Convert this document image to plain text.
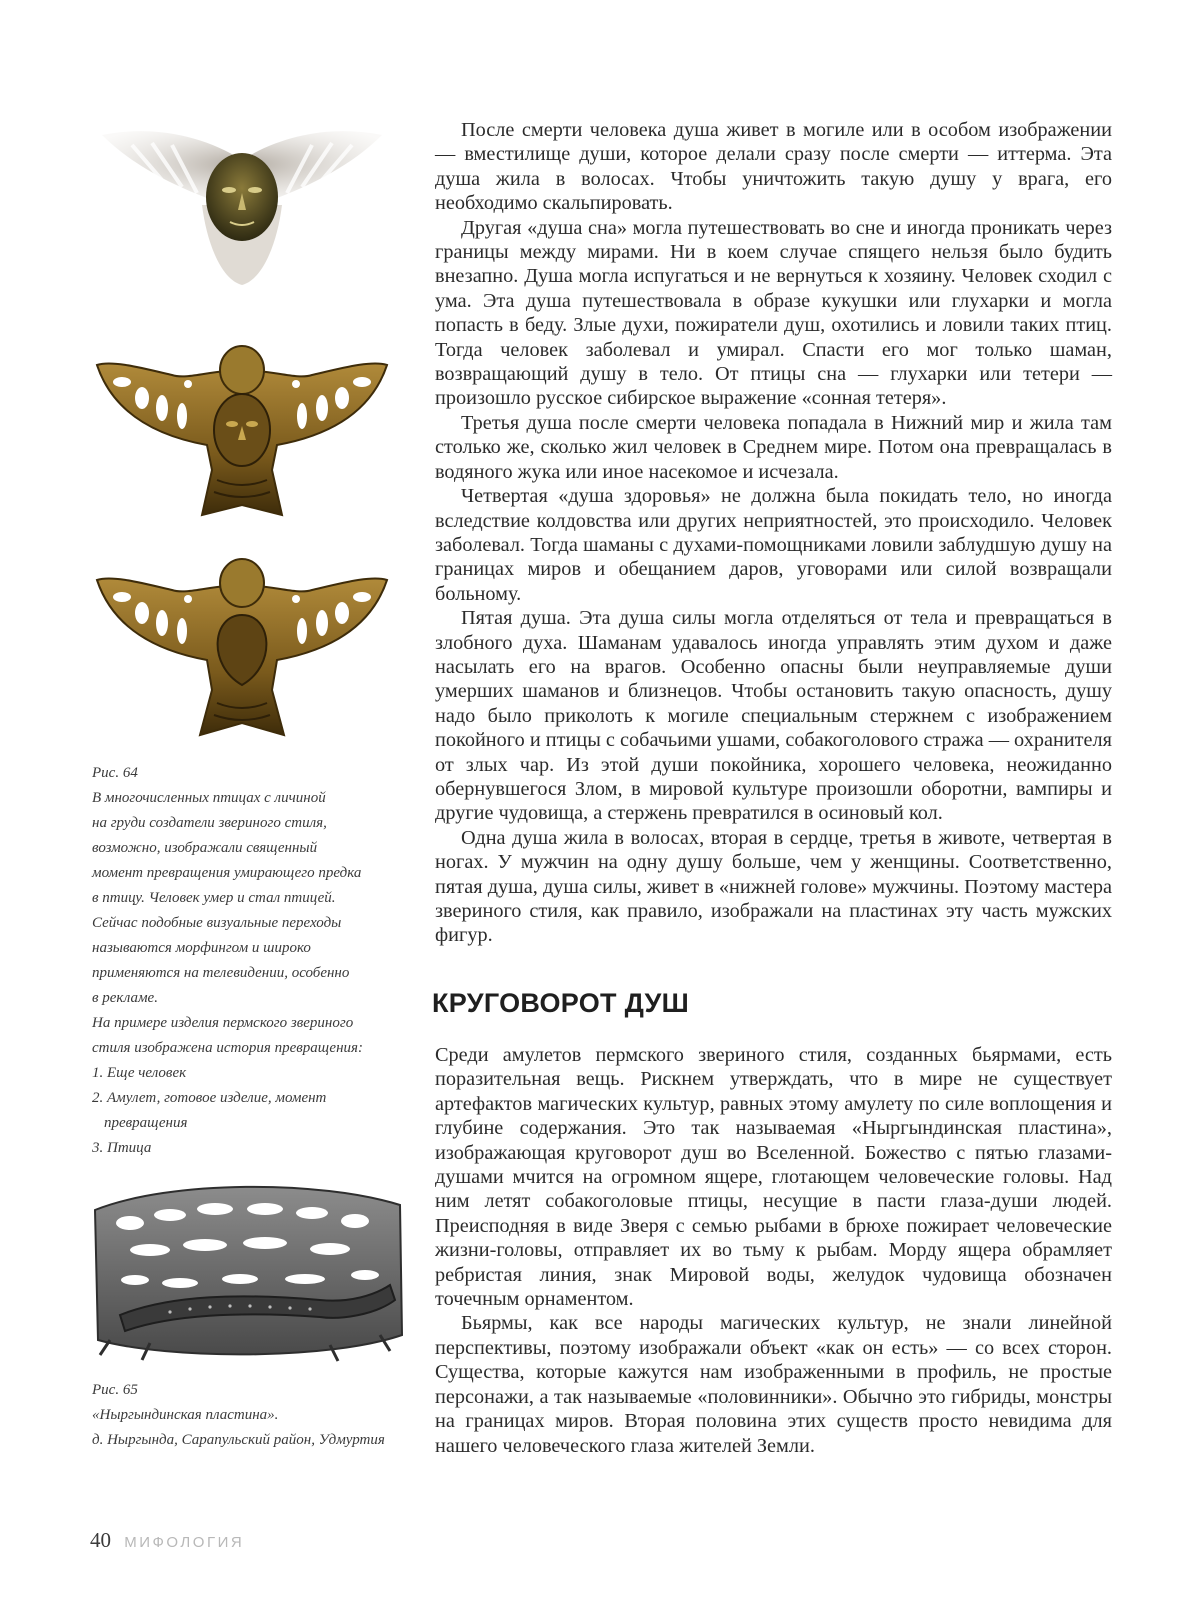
Рис. 64

В многочисленных птицах с личиной

на груди создатели звериного стиля,

возможно, изображали священный

момент превращения умирающего предка

в птицу. Человек умер и стал птицей.

Сейчас подобные визуальные переходы

называются морфингом и широко

применяются на телевидении, особенно

в рекламе.

На примере изделия пермского звериного

стиля изображена история превращения:

1. Еще человек

2. Амулет, готовое изделие, момент превращения

3. Птица

Рис. 65

«Ныргындинская пластина».

д. Ныргында, Сарапульский район, Удмуртия

После смерти человека душа живет в могиле или в особом изображении — вместилище души, которое делали сразу после смерти — иттерма. Эта душа жила в волосах. Чтобы уничтожить такую душу у врага, его необходимо скальпировать.

Другая «душа сна» могла путешествовать во сне и иногда проникать через границы между мирами. Ни в коем случае спящего нельзя было будить внезапно. Душа могла испугаться и не вернуться к хозяину. Человек сходил с ума. Эта душа путешествовала в образе кукушки или глухарки и могла попасть в беду. Злые духи, пожиратели душ, охотились и ловили таких птиц. Тогда человек заболевал и умирал. Спасти его мог только шаман, возвращающий душу в тело. От птицы сна — глухарки или тетери — произошло русское сибирское выражение «сонная тетеря».

Третья душа после смерти человека попадала в Нижний мир и жила там столько же, сколько жил человек в Среднем мире. Потом она превращалась в водяного жука или иное насекомое и исчезала.

Четвертая «душа здоровья» не должна была покидать тело, но иногда вследствие колдовства или других неприятностей, это происходило. Человек заболевал. Тогда шаманы с духами-помощниками ловили заблудшую душу на границах миров и обещанием даров, уговорами или силой возвращали больному.

Пятая душа. Эта душа силы могла отделяться от тела и превращаться в злобного духа. Шаманам удавалось иногда управлять этим духом и даже насылать его на врагов. Особенно опасны были неуправляемые души умерших шаманов и близнецов. Чтобы остановить такую опасность, душу надо было приколоть к могиле специальным стержнем с изображением покойного и птицы с собачьими ушами, собакоголового стража — охранителя от злых чар. Из этой души покойника, хорошего человека, неожиданно обернувшегося Злом, в мировой культуре произошли оборотни, вампиры и другие чудовища, а стержень превратился в осиновый кол.

Одна душа жила в волосах, вторая в сердце, третья в животе, четвертая в ногах. У мужчин на одну душу больше, чем у женщины. Соответственно, пятая душа, душа силы, живет в «нижней голове» мужчины. Поэтому мастера звериного стиля, как правило, изображали на пластинах эту часть мужских фигур.

КРУГОВОРОТ ДУШ

Среди амулетов пермского звериного стиля, созданных бьярмами, есть поразительная вещь. Рискнем утверждать, что в мире не существует артефактов магических культур, равных этому амулету по силе воплощения и глубине содержания. Это так называемая «Ныргындинская пластина», изображающая круговорот душ во Вселенной. Божество с пятью глазами-душами мчится на огромном ящере, глотающем человеческие головы. Над ним летят собакоголовые птицы, несущие в пасти глаза-души людей. Преисподняя в виде Зверя с семью рыбами в брюхе пожирает человеческие жизни-головы, отправляет их во тьму к рыбам. Морду ящера обрамляет ребристая линия, знак Мировой воды, желудок чудовища обозначен точечным орнаментом.

Бьярмы, как все народы магических культур, не знали линейной перспективы, поэтому изображали объект «как он есть» — со всех сторон. Существа, которые кажутся нам изображенными в профиль, не простые персонажи, а так называемые «половинники». Обычно это гибриды, монстры на границах миров. Вторая половина этих существ просто невидима для нашего человеческого глаза жителей Земли.

40 МИФОЛОГИЯ
